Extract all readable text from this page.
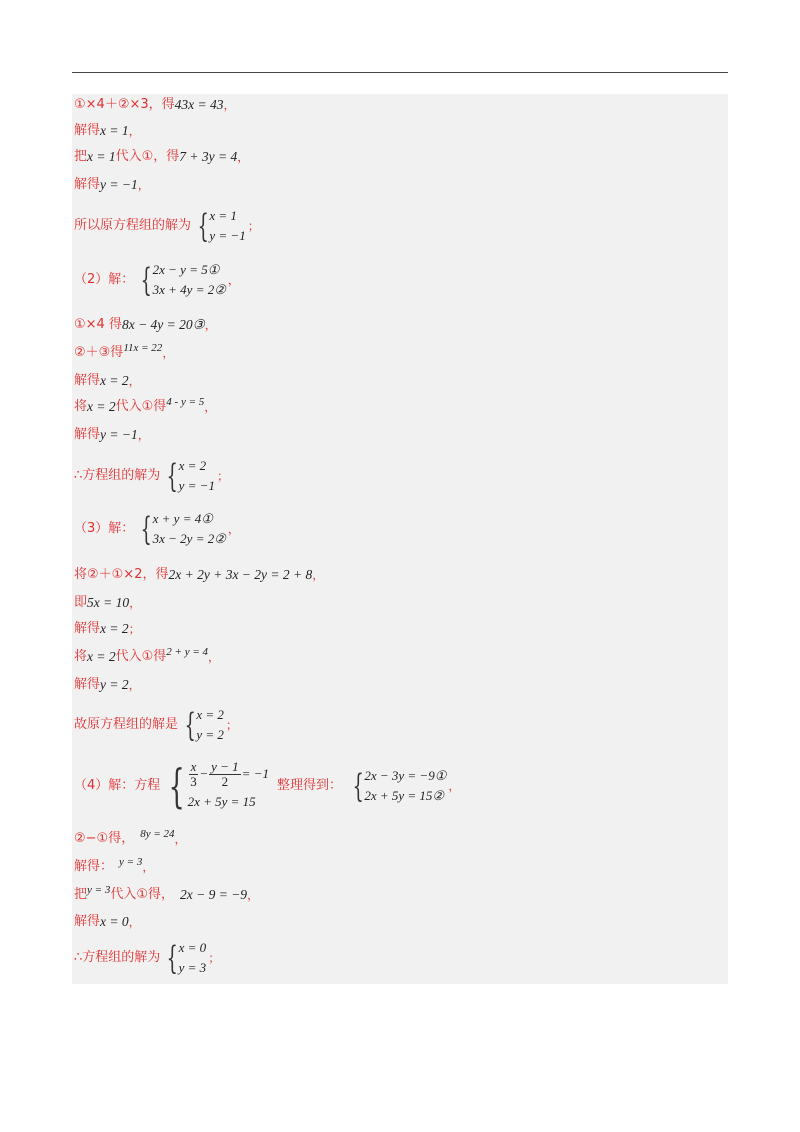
①×4＋②×3，得 43x = 43 ，
解得 x = 1 ，
把 x = 1 代入①，得 7 + 3y = 4 ，
解得 y = −1 ，
所以原方程组的解为 { x = 1
y = −1
；
（2）解： { 2x − y = 5①
3x + 4y = 2②
，
①×4 得 8x − 4y = 20③ ，
②＋③得 11x = 22 ，
解得 x = 2 ，
将 x = 2 代入①得 4 - y = 5 ，
解得 y = −1 ，
∴方程组的解为 { x = 2
y = −1
；
（3）解： { x + y = 4①
3x − 2y = 2②
，
将②＋①×2，得 2x + 2y + 3x − 2y = 2 + 8 ，
即 5x = 10 ，
解得 x = 2 ；
将 x = 2 代入①得 2 + y = 4 ，
解得 y = 2 ，
故原方程组的解是 { x = 2
y = 2
；
（4）解：方程 { $\frac{x}{3} - \frac{y - 1}{2} = -1$
2x + 5y = 15
整理得到： { 2x − 3y = −9①
2x + 5y = 15②
，
②−①得， 8y = 24 ，
解得： y = 3 ，
把 y = 3 代入①得， 2x − 9 = −9 ，
解得 x = 0 ，
∴方程组的解为 { x = 0
y = 3
；
